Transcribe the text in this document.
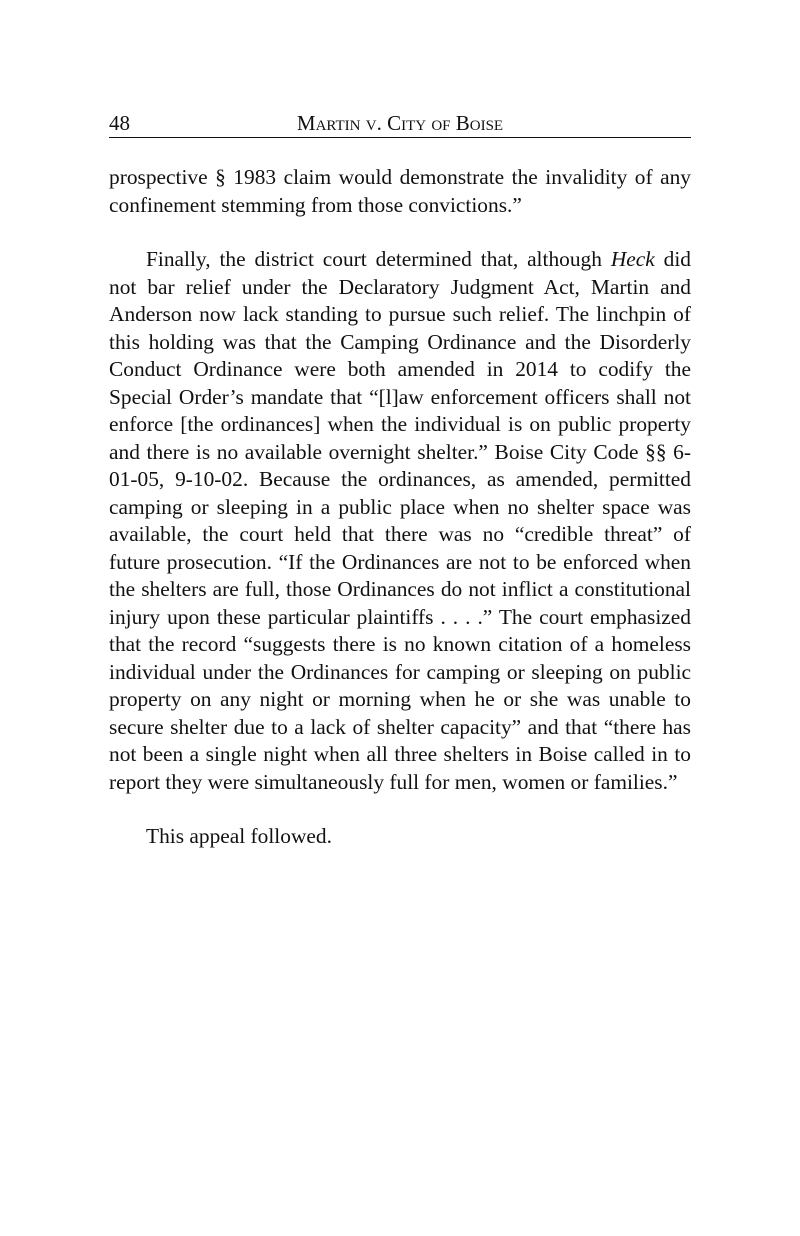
48	Martin v. City of Boise

prospective § 1983 claim would demonstrate the invalidity of any confinement stemming from those convictions.”

Finally, the district court determined that, although Heck did not bar relief under the Declaratory Judgment Act, Martin and Anderson now lack standing to pursue such relief. The linchpin of this holding was that the Camping Ordinance and the Disorderly Conduct Ordinance were both amended in 2014 to codify the Special Order’s mandate that “[l]aw enforcement officers shall not enforce [the ordinances] when the individual is on public property and there is no available overnight shelter.” Boise City Code §§ 6-01-05, 9-10-02. Because the ordinances, as amended, permitted camping or sleeping in a public place when no shelter space was available, the court held that there was no “credible threat” of future prosecution. “If the Ordinances are not to be enforced when the shelters are full, those Ordinances do not inflict a constitutional injury upon these particular plaintiffs . . . .” The court emphasized that the record “suggests there is no known citation of a homeless individual under the Ordinances for camping or sleeping on public property on any night or morning when he or she was unable to secure shelter due to a lack of shelter capacity” and that “there has not been a single night when all three shelters in Boise called in to report they were simultaneously full for men, women or families.”

This appeal followed.
